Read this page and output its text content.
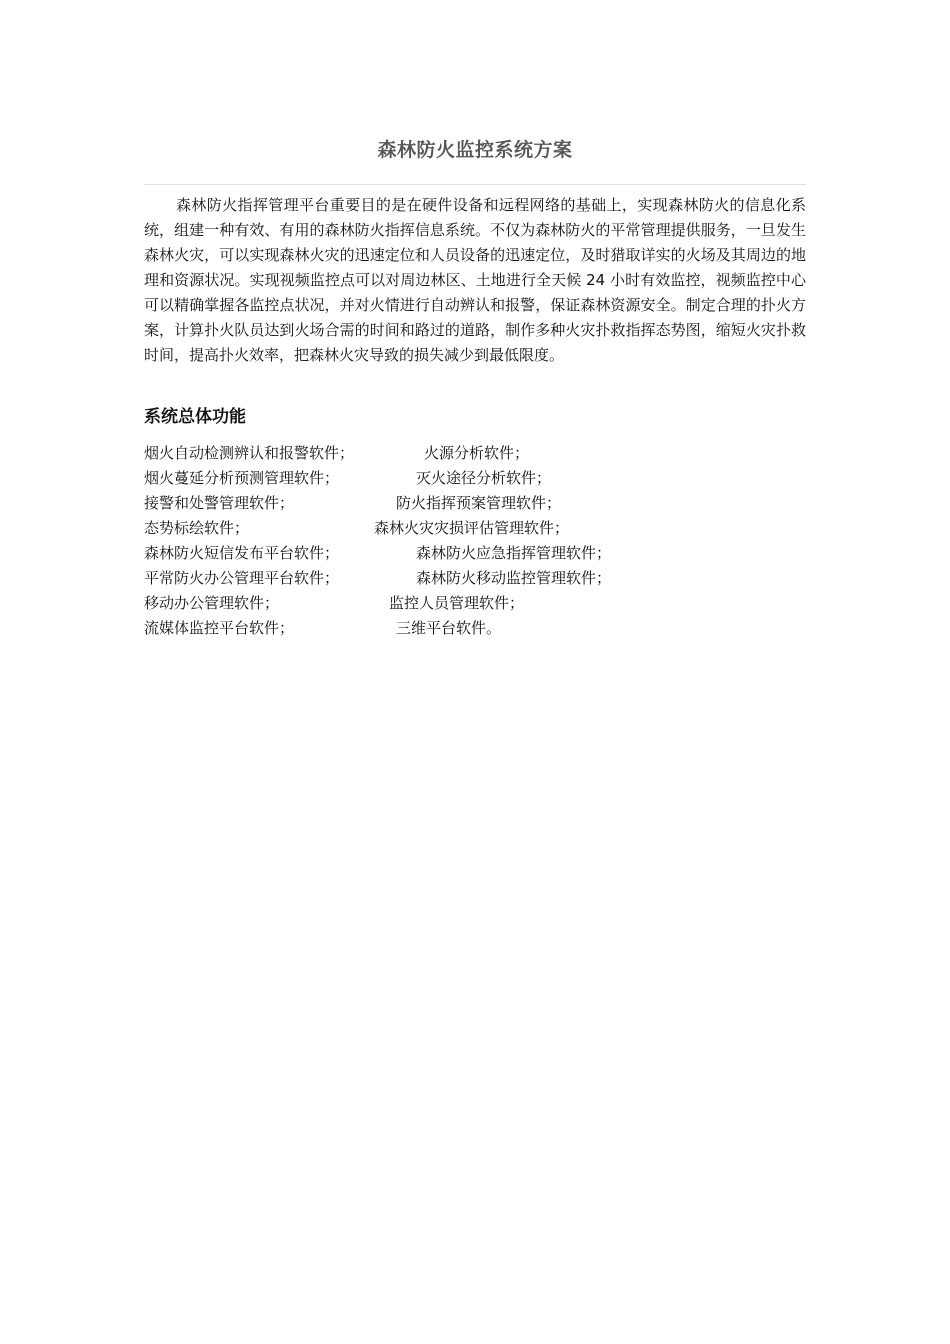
森林防火监控系统方案

森林防火指挥管理平台重要目的是在硬件设备和远程网络的基础上，实现森林防火的信息化系统，组建一种有效、有用的森林防火指挥信息系统。不仅为森林防火的平常管理提供服务，一旦发生森林火灾，可以实现森林火灾的迅速定位和人员设备的迅速定位，及时猎取详实的火场及其周边的地理和资源状况。实现视频监控点可以对周边林区、土地进行全天候 24 小时有效监控，视频监控中心可以精确掌握各监控点状况，并对火情进行自动辨认和报警，保证森林资源安全。制定合理的扑火方案，计算扑火队员达到火场合需的时间和路过的道路，制作多种火灾扑救指挥态势图，缩短火灾扑救时间，提高扑火效率，把森林火灾导致的损失减少到最低限度。

系统总体功能
烟火自动检测辨认和报警软件；	火源分析软件；
烟火蔓延分析预测管理软件；	灭火途径分析软件；
接警和处警管理软件；	防火指挥预案管理软件；
态势标绘软件；	森林火灾灾损评估管理软件；
森林防火短信发布平台软件；	森林防火应急指挥管理软件；
平常防火办公管理平台软件；	森林防火移动监控管理软件；
移动办公管理软件；	监控人员管理软件；
流媒体监控平台软件；	三维平台软件。
